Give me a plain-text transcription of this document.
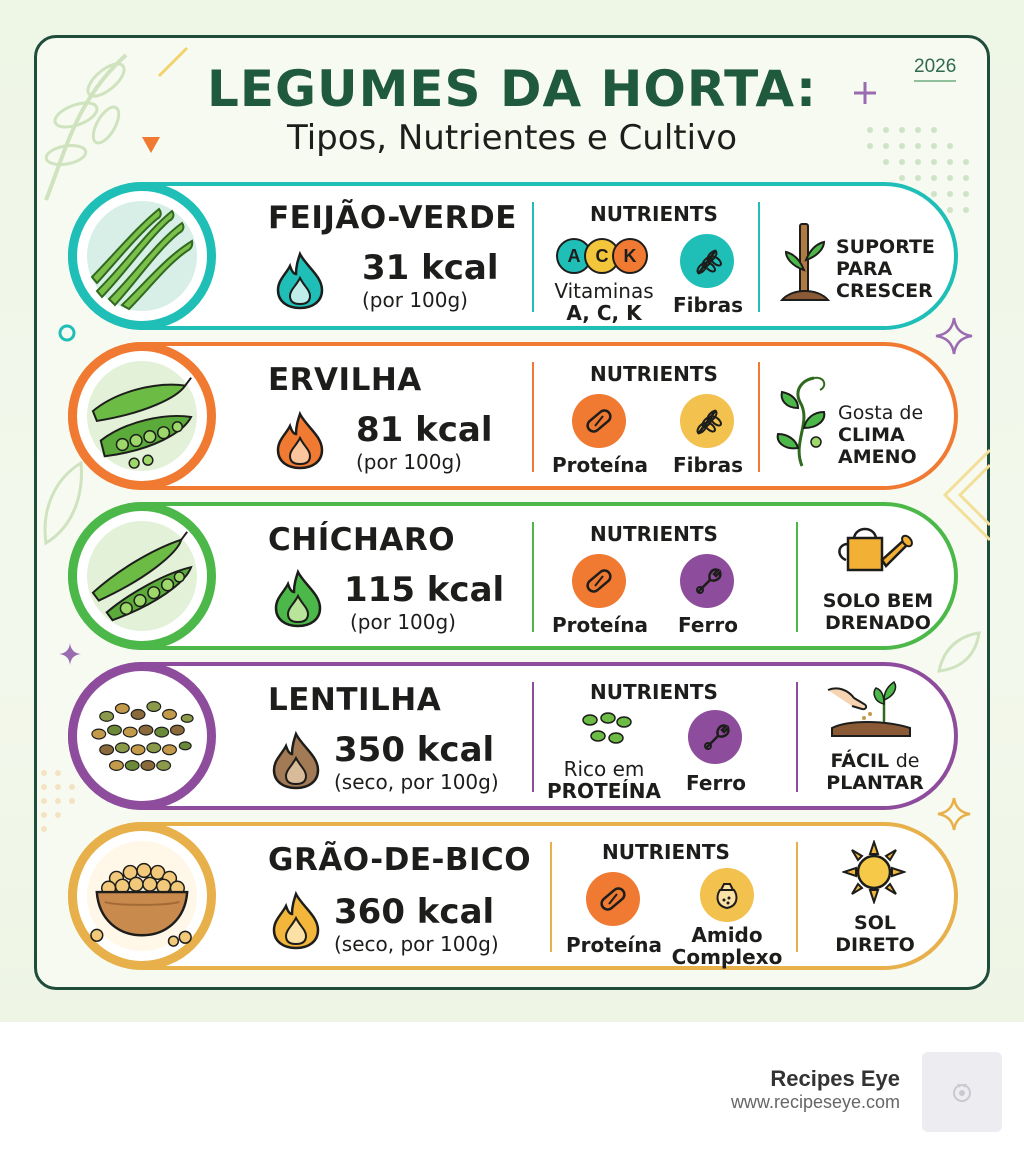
LEGUMES DA HORTA:
Tipos, Nutrientes e Cultivo
2026
FEIJÃO-VERDE
31 kcal
(por 100g)
NUTRIENTS
A C K
Vitaminas
A, C, K	Fibras
SUPORTE
PARA
CRESCER
ERVILHA
81 kcal
(por 100g)
NUTRIENTS
Proteína	Fibras
Gosta de
CLIMA
AMENO
CHÍCHARO
115 kcal
(por 100g)
NUTRIENTS
Proteína	Ferro
SOLO BEM
DRENADO
LENTILHA
350 kcal
(seco, por 100g)
NUTRIENTS
Rico em
PROTEÍNA	Ferro
FÁCIL de
PLANTAR
GRÃO-DE-BICO
360 kcal
(seco, por 100g)
NUTRIENTS
Proteína	Amido
Complexo
SOL
DIRETO
Recipes Eye
www.recipeseye.com
